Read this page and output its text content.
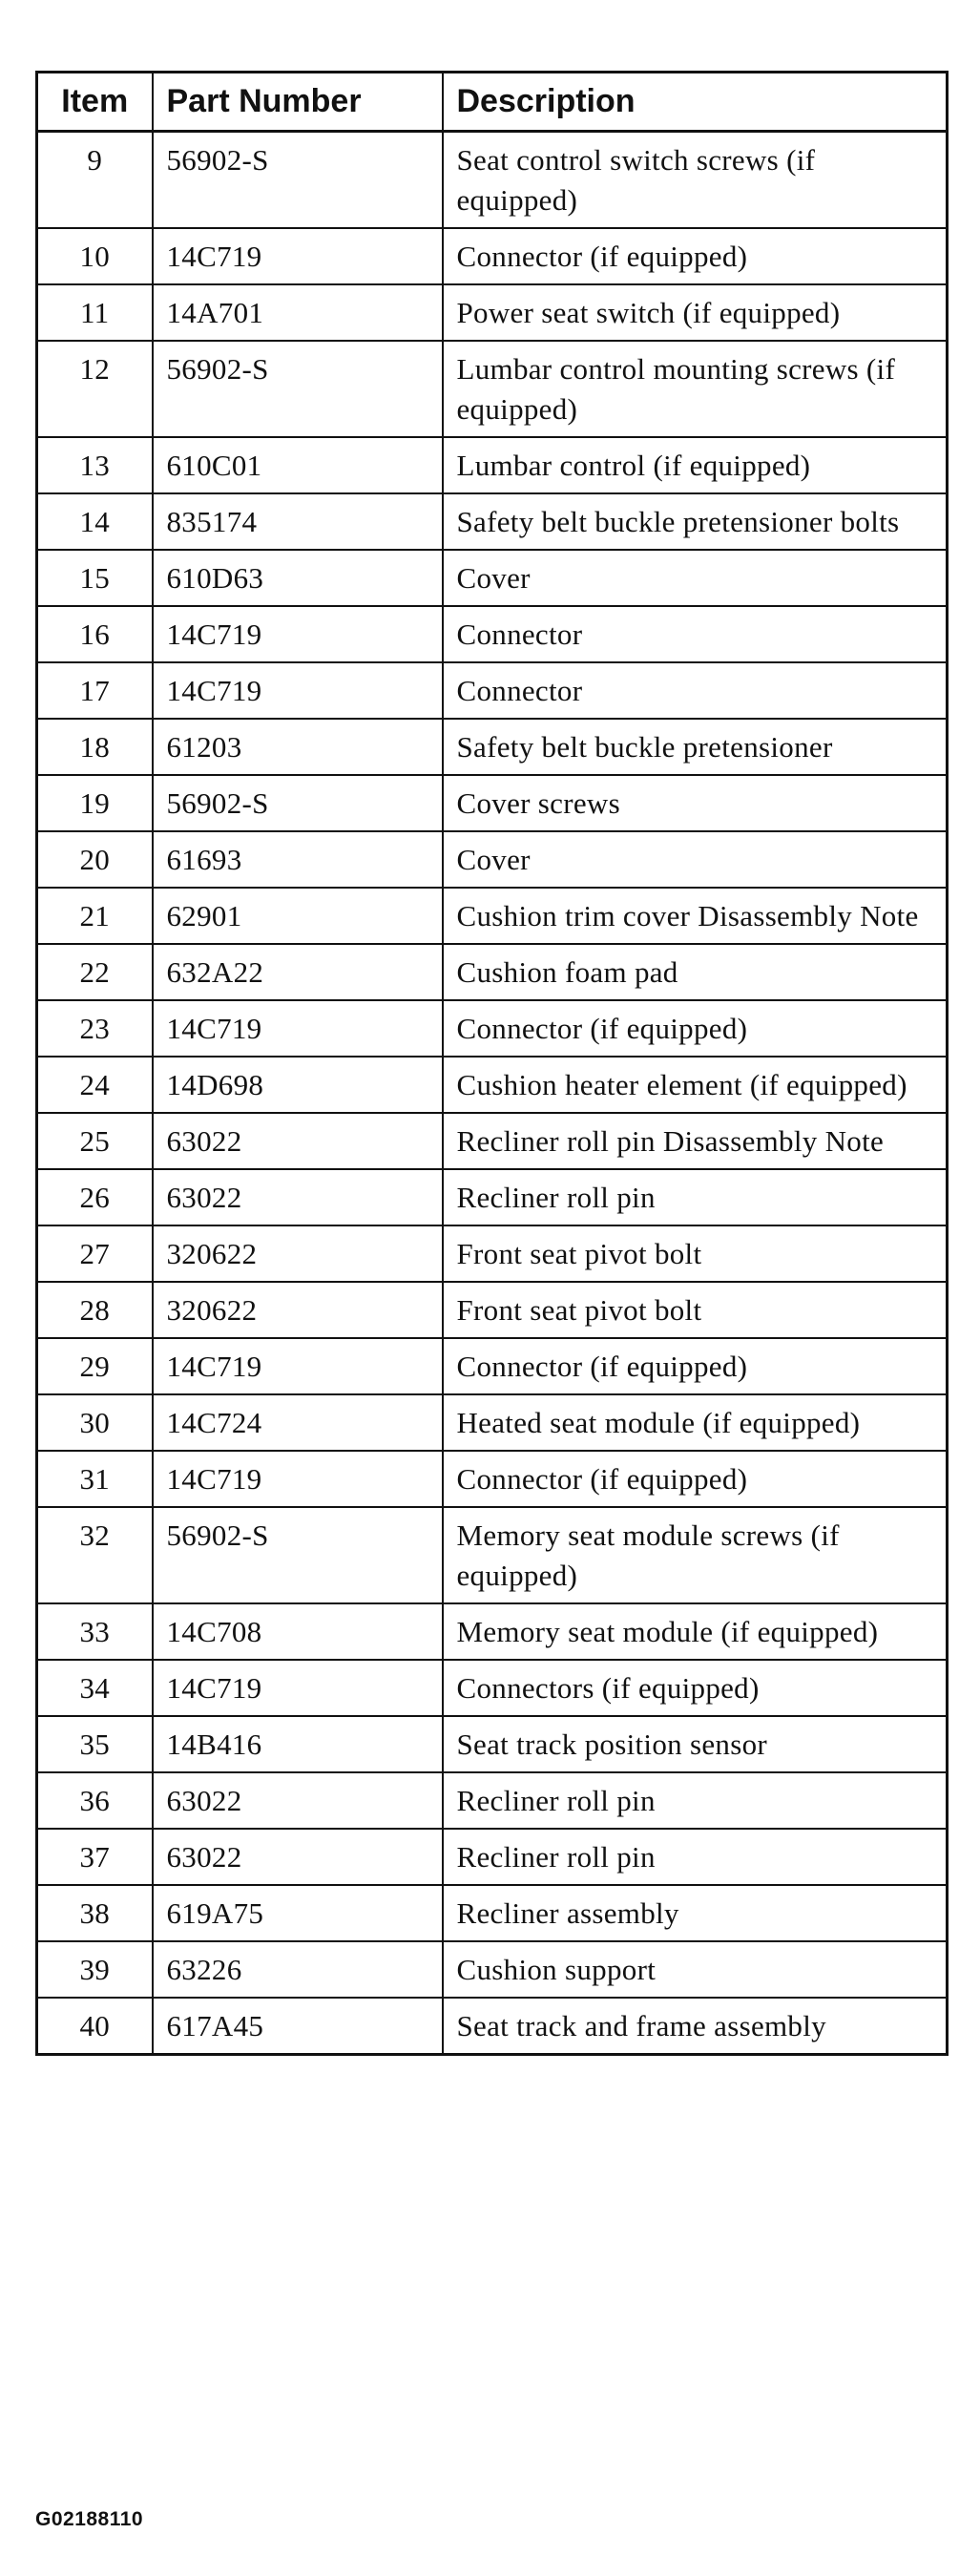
Item	Part Number	Description
9	56902-S	Seat control switch screws (if equipped)
10	14C719	Connector (if equipped)
11	14A701	Power seat switch (if equipped)
12	56902-S	Lumbar control mounting screws (if equipped)
13	610C01	Lumbar control (if equipped)
14	835174	Safety belt buckle pretensioner bolts
15	610D63	Cover
16	14C719	Connector
17	14C719	Connector
18	61203	Safety belt buckle pretensioner
19	56902-S	Cover screws
20	61693	Cover
21	62901	Cushion trim cover Disassembly Note
22	632A22	Cushion foam pad
23	14C719	Connector (if equipped)
24	14D698	Cushion heater element (if equipped)
25	63022	Recliner roll pin Disassembly Note
26	63022	Recliner roll pin
27	320622	Front seat pivot bolt
28	320622	Front seat pivot bolt
29	14C719	Connector (if equipped)
30	14C724	Heated seat module (if equipped)
31	14C719	Connector (if equipped)
32	56902-S	Memory seat module screws (if equipped)
33	14C708	Memory seat module (if equipped)
34	14C719	Connectors (if equipped)
35	14B416	Seat track position sensor
36	63022	Recliner roll pin
37	63022	Recliner roll pin
38	619A75	Recliner assembly
39	63226	Cushion support
40	617A45	Seat track and frame assembly
G02188110
